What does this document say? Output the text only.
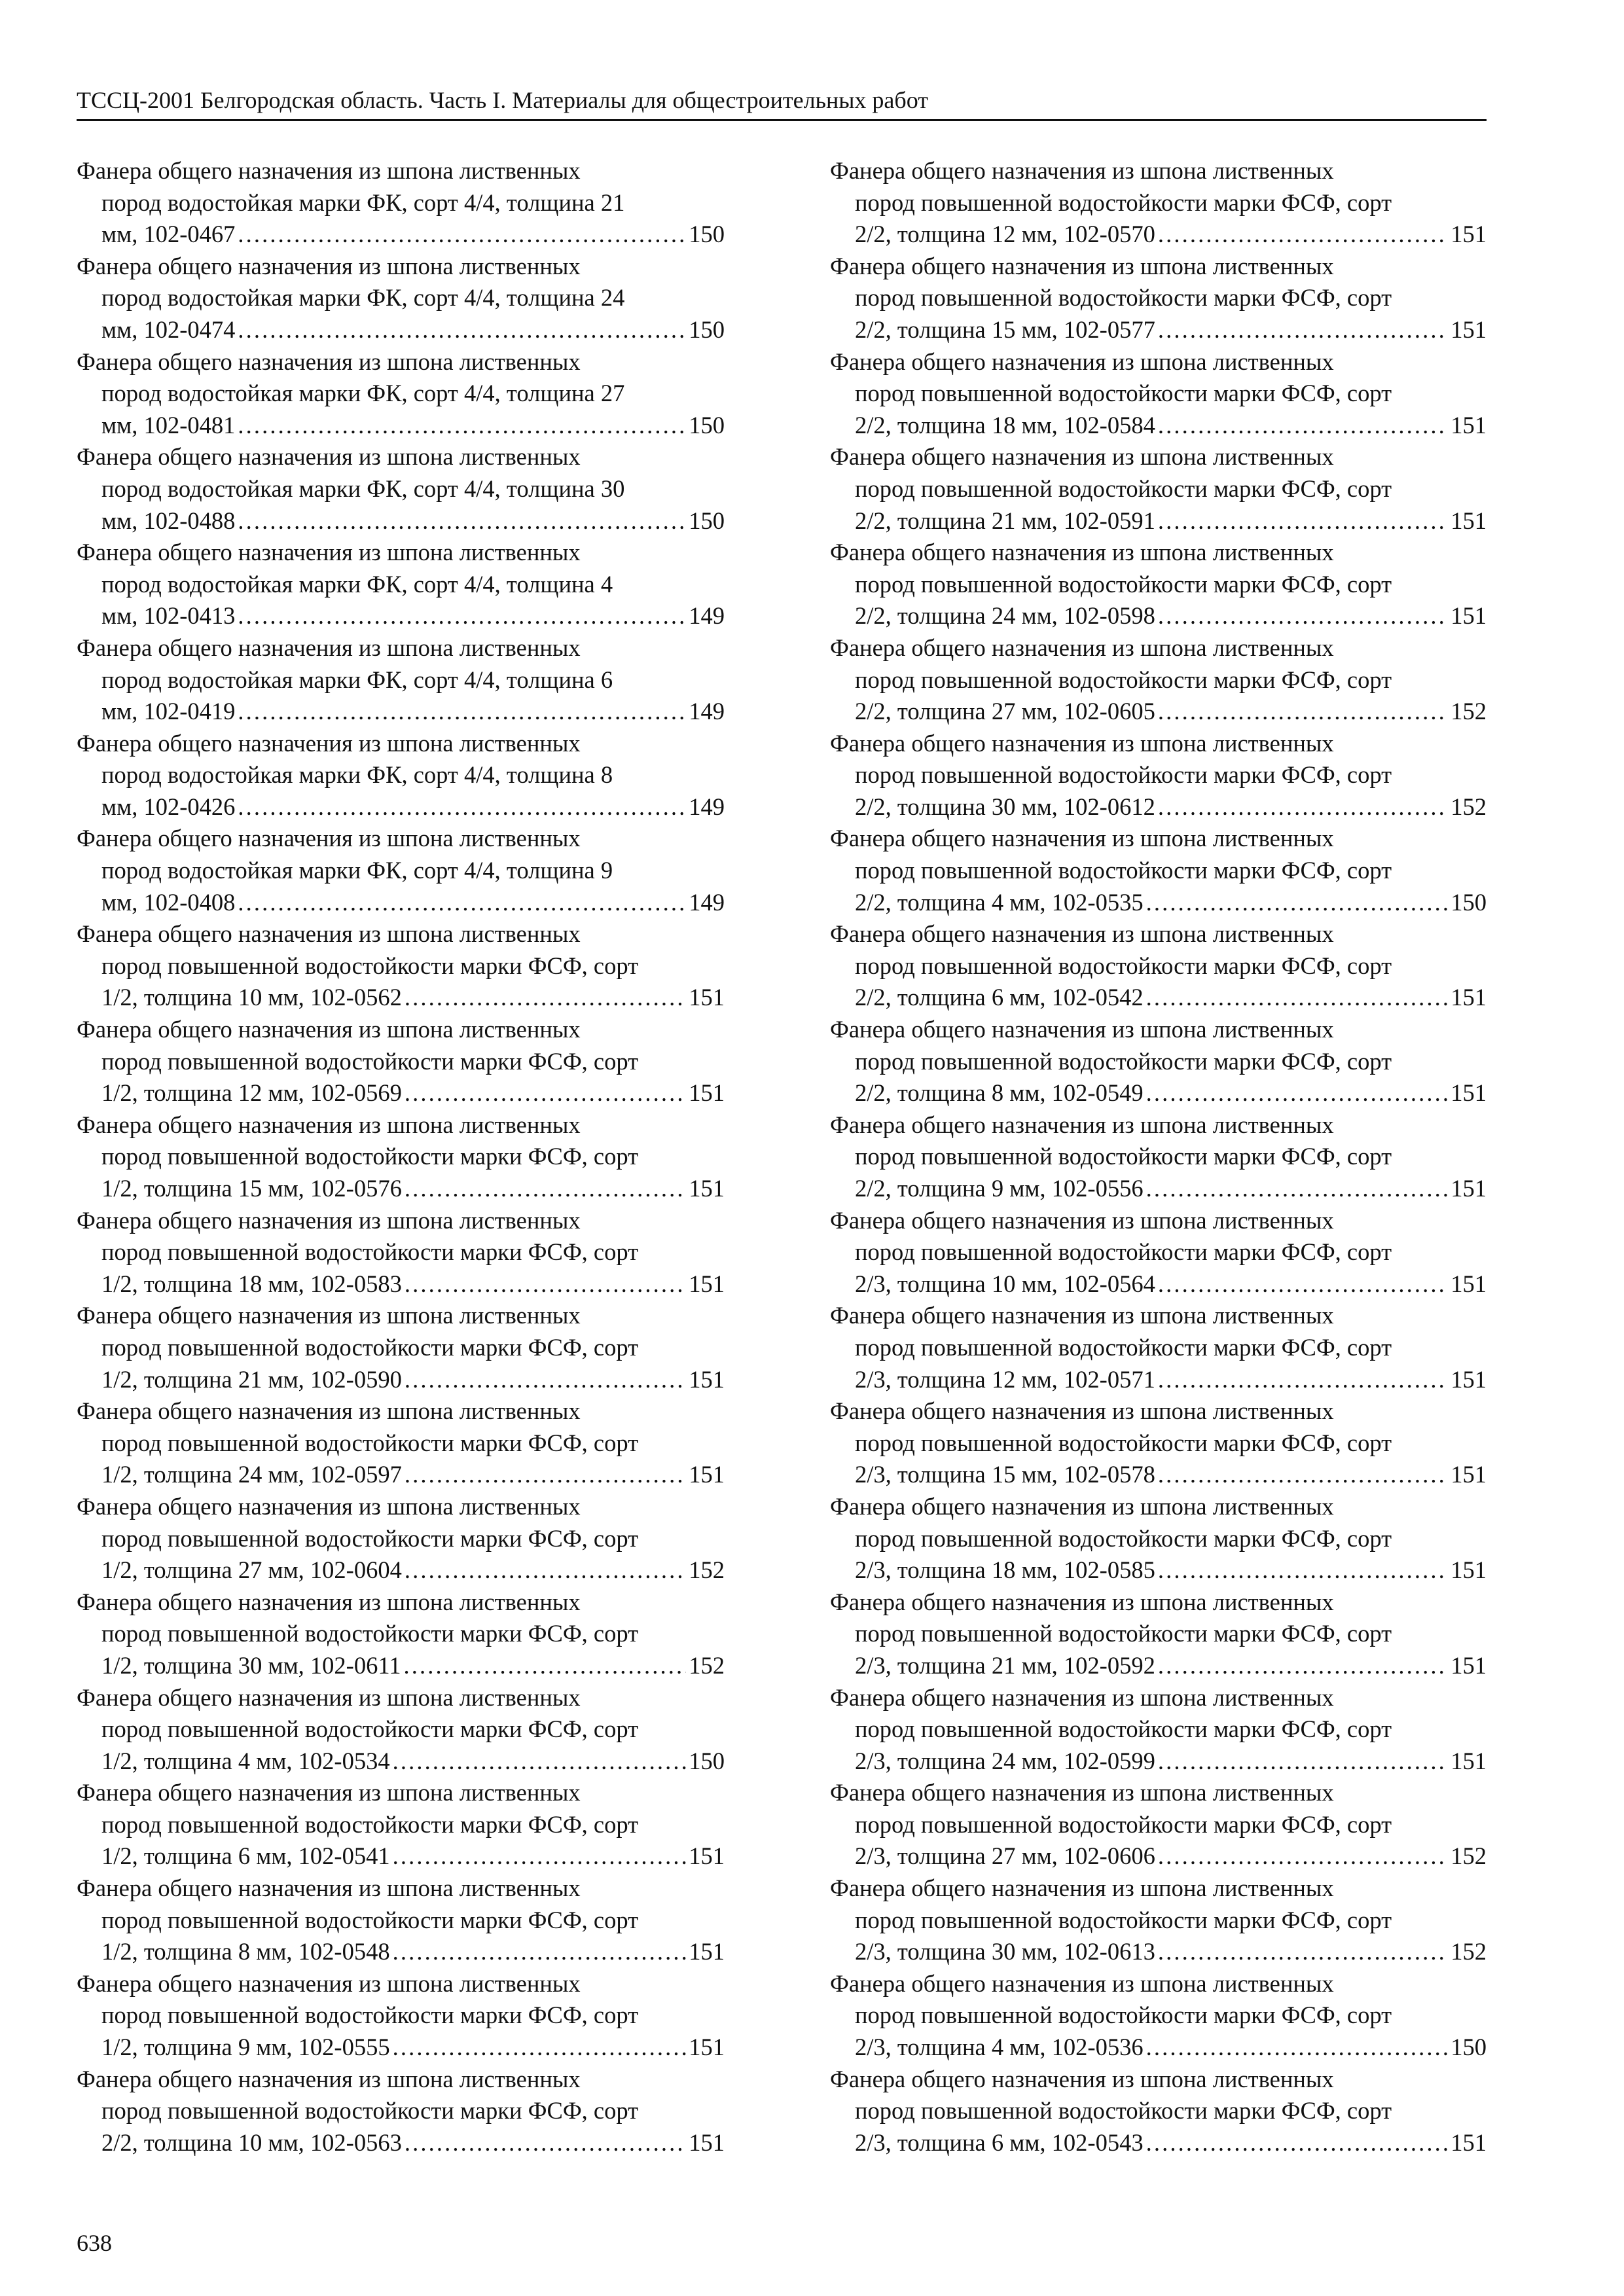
ТССЦ-2001 Белгородская область. Часть I. Материалы для общестроительных работ
Фанера общего назначения из шпона лиственных
пород водостойкая марки ФК, сорт 4/4, толщина 21
мм, 102-0467 . . .	150
Фанера общего назначения из шпона лиственных
пород водостойкая марки ФК, сорт 4/4, толщина 24
мм, 102-0474 . . .	150
Фанера общего назначения из шпона лиственных
пород водостойкая марки ФК, сорт 4/4, толщина 27
мм, 102-0481 . . .	150
Фанера общего назначения из шпона лиственных
пород водостойкая марки ФК, сорт 4/4, толщина 30
мм, 102-0488 . . .	150
Фанера общего назначения из шпона лиственных
пород водостойкая марки ФК, сорт 4/4, толщина 4
мм, 102-0413 . . .	149
Фанера общего назначения из шпона лиственных
пород водостойкая марки ФК, сорт 4/4, толщина 6
мм, 102-0419 . . .	149
Фанера общего назначения из шпона лиственных
пород водостойкая марки ФК, сорт 4/4, толщина 8
мм, 102-0426 . . .	149
Фанера общего назначения из шпона лиственных
пород водостойкая марки ФК, сорт 4/4, толщина 9
мм, 102-0408 . . .	149
Фанера общего назначения из шпона лиственных
пород повышенной водостойкости марки ФСФ, сорт
1/2, толщина 10 мм, 102-0562 . . .	151
Фанера общего назначения из шпона лиственных
пород повышенной водостойкости марки ФСФ, сорт
1/2, толщина 12 мм, 102-0569 . . .	151
Фанера общего назначения из шпона лиственных
пород повышенной водостойкости марки ФСФ, сорт
1/2, толщина 15 мм, 102-0576 . . .	151
Фанера общего назначения из шпона лиственных
пород повышенной водостойкости марки ФСФ, сорт
1/2, толщина 18 мм, 102-0583 . . .	151
Фанера общего назначения из шпона лиственных
пород повышенной водостойкости марки ФСФ, сорт
1/2, толщина 21 мм, 102-0590 . . .	151
Фанера общего назначения из шпона лиственных
пород повышенной водостойкости марки ФСФ, сорт
1/2, толщина 24 мм, 102-0597 . . .	151
Фанера общего назначения из шпона лиственных
пород повышенной водостойкости марки ФСФ, сорт
1/2, толщина 27 мм, 102-0604 . . .	152
Фанера общего назначения из шпона лиственных
пород повышенной водостойкости марки ФСФ, сорт
1/2, толщина 30 мм, 102-0611 . . .	152
Фанера общего назначения из шпона лиственных
пород повышенной водостойкости марки ФСФ, сорт
1/2, толщина 4 мм, 102-0534 . . .	150
Фанера общего назначения из шпона лиственных
пород повышенной водостойкости марки ФСФ, сорт
1/2, толщина 6 мм, 102-0541 . . .	151
Фанера общего назначения из шпона лиственных
пород повышенной водостойкости марки ФСФ, сорт
1/2, толщина 8 мм, 102-0548 . . .	151
Фанера общего назначения из шпона лиственных
пород повышенной водостойкости марки ФСФ, сорт
1/2, толщина 9 мм, 102-0555 . . .	151
Фанера общего назначения из шпона лиственных
пород повышенной водостойкости марки ФСФ, сорт
2/2, толщина 10 мм, 102-0563 . . .	151
Фанера общего назначения из шпона лиственных
пород повышенной водостойкости марки ФСФ, сорт
2/2, толщина 12 мм, 102-0570 . . .	151
Фанера общего назначения из шпона лиственных
пород повышенной водостойкости марки ФСФ, сорт
2/2, толщина 15 мм, 102-0577 . . .	151
Фанера общего назначения из шпона лиственных
пород повышенной водостойкости марки ФСФ, сорт
2/2, толщина 18 мм, 102-0584 . . .	151
Фанера общего назначения из шпона лиственных
пород повышенной водостойкости марки ФСФ, сорт
2/2, толщина 21 мм, 102-0591 . . .	151
Фанера общего назначения из шпона лиственных
пород повышенной водостойкости марки ФСФ, сорт
2/2, толщина 24 мм, 102-0598 . . .	151
Фанера общего назначения из шпона лиственных
пород повышенной водостойкости марки ФСФ, сорт
2/2, толщина 27 мм, 102-0605 . . .	152
Фанера общего назначения из шпона лиственных
пород повышенной водостойкости марки ФСФ, сорт
2/2, толщина 30 мм, 102-0612 . . .	152
Фанера общего назначения из шпона лиственных
пород повышенной водостойкости марки ФСФ, сорт
2/2, толщина 4 мм, 102-0535 . . .	150
Фанера общего назначения из шпона лиственных
пород повышенной водостойкости марки ФСФ, сорт
2/2, толщина 6 мм, 102-0542 . . .	151
Фанера общего назначения из шпона лиственных
пород повышенной водостойкости марки ФСФ, сорт
2/2, толщина 8 мм, 102-0549 . . .	151
Фанера общего назначения из шпона лиственных
пород повышенной водостойкости марки ФСФ, сорт
2/2, толщина 9 мм, 102-0556 . . .	151
Фанера общего назначения из шпона лиственных
пород повышенной водостойкости марки ФСФ, сорт
2/3, толщина 10 мм, 102-0564 . . .	151
Фанера общего назначения из шпона лиственных
пород повышенной водостойкости марки ФСФ, сорт
2/3, толщина 12 мм, 102-0571 . . .	151
Фанера общего назначения из шпона лиственных
пород повышенной водостойкости марки ФСФ, сорт
2/3, толщина 15 мм, 102-0578 . . .	151
Фанера общего назначения из шпона лиственных
пород повышенной водостойкости марки ФСФ, сорт
2/3, толщина 18 мм, 102-0585 . . .	151
Фанера общего назначения из шпона лиственных
пород повышенной водостойкости марки ФСФ, сорт
2/3, толщина 21 мм, 102-0592 . . .	151
Фанера общего назначения из шпона лиственных
пород повышенной водостойкости марки ФСФ, сорт
2/3, толщина 24 мм, 102-0599 . . .	151
Фанера общего назначения из шпона лиственных
пород повышенной водостойкости марки ФСФ, сорт
2/3, толщина 27 мм, 102-0606 . . .	152
Фанера общего назначения из шпона лиственных
пород повышенной водостойкости марки ФСФ, сорт
2/3, толщина 30 мм, 102-0613 . . .	152
Фанера общего назначения из шпона лиственных
пород повышенной водостойкости марки ФСФ, сорт
2/3, толщина 4 мм, 102-0536 . . .	150
Фанера общего назначения из шпона лиственных
пород повышенной водостойкости марки ФСФ, сорт
2/3, толщина 6 мм, 102-0543 . . .	151
638
